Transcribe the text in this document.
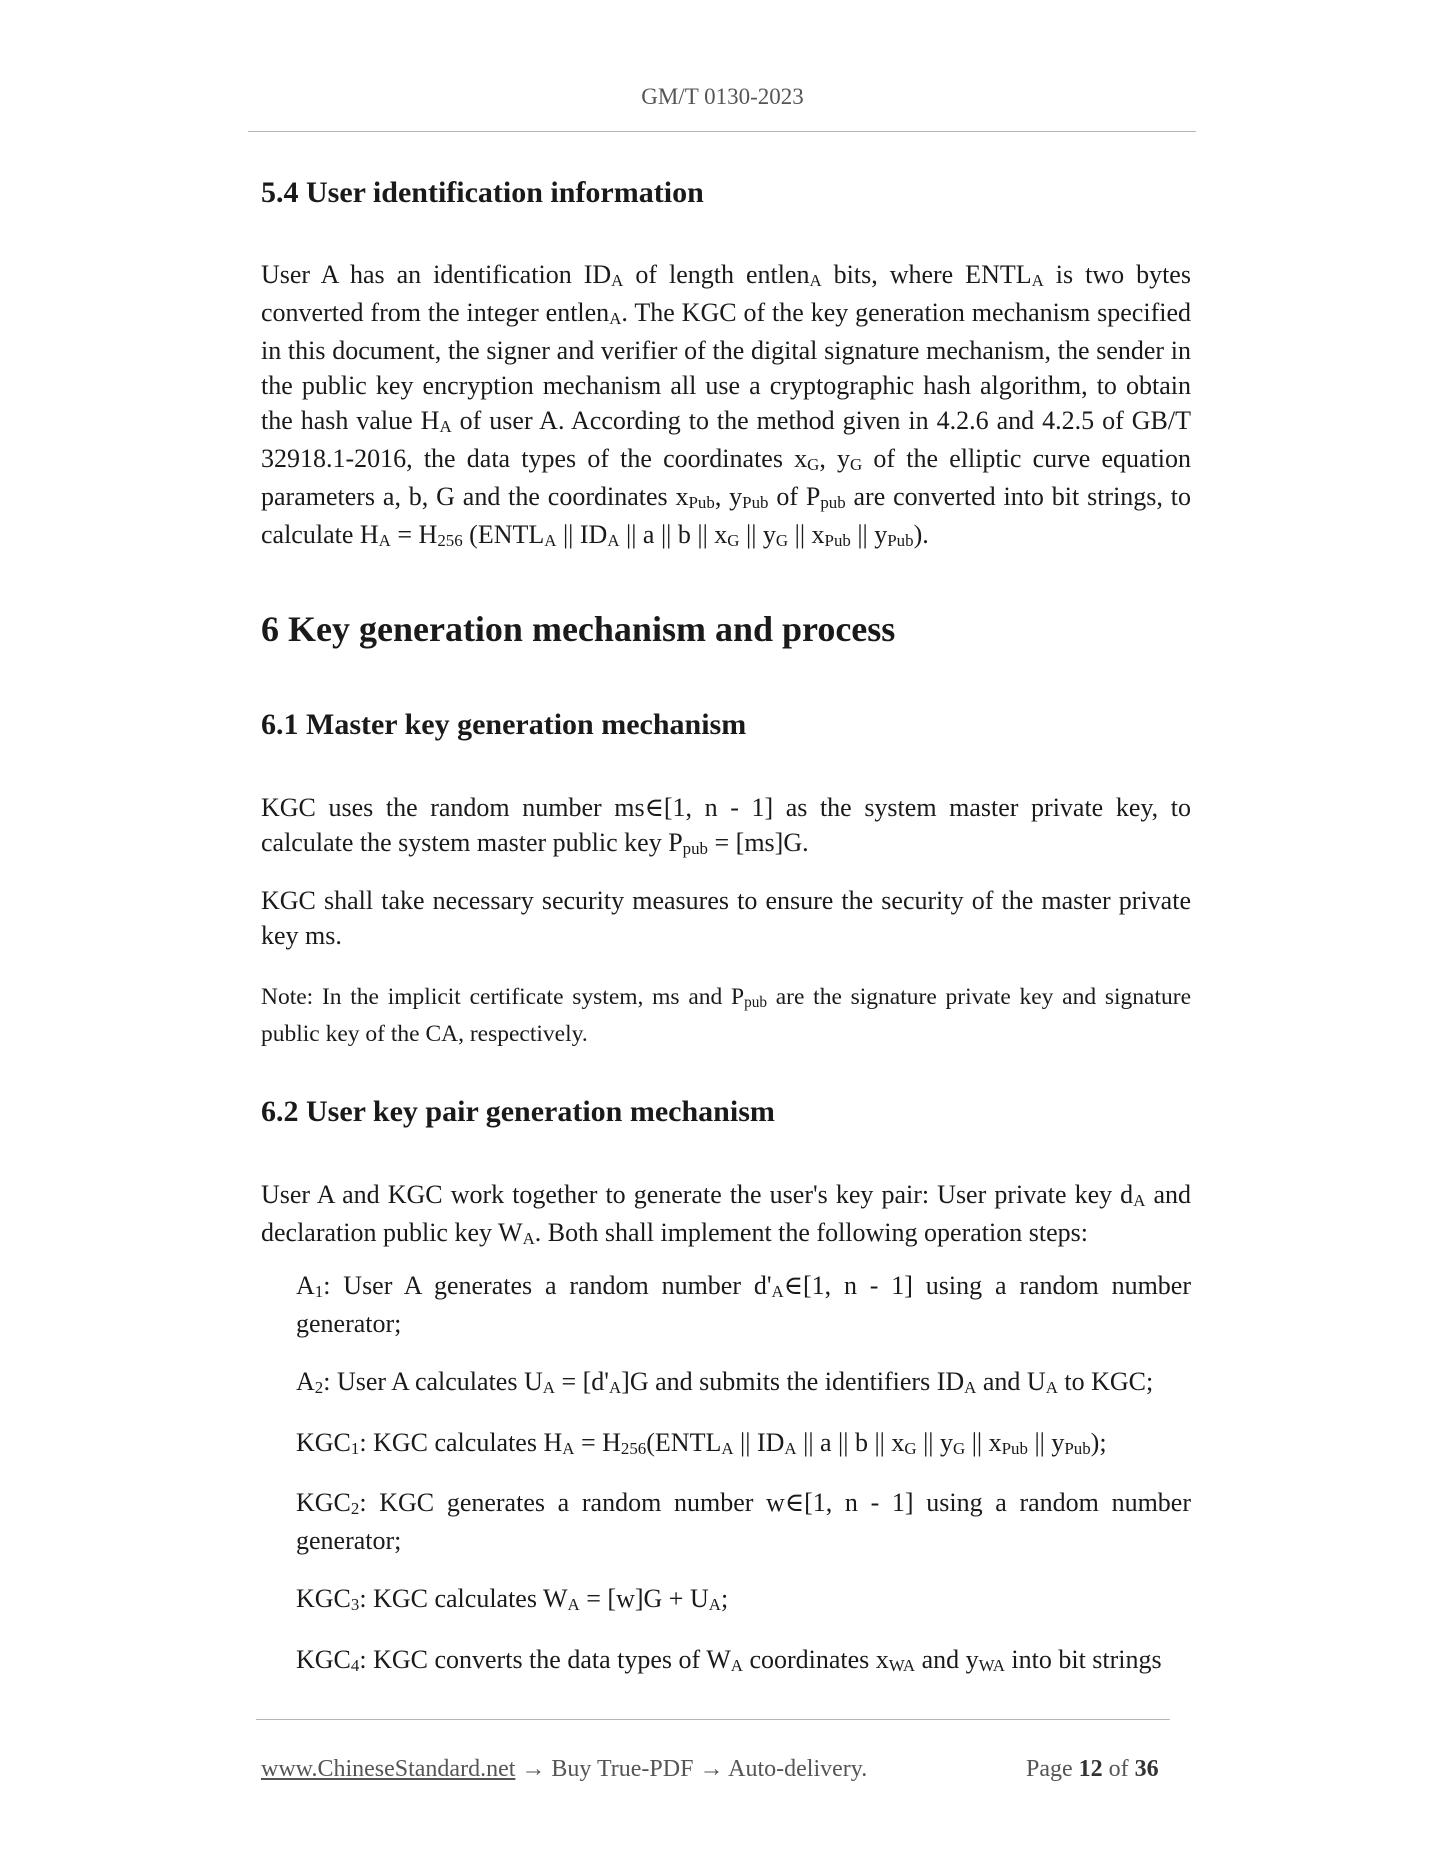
GM/T 0130-2023
5.4 User identification information
User A has an identification $ID_A$ of length entlen$_A$ bits, where $ENTL_A$ is two bytes converted from the integer entlen$_A$. The KGC of the key generation mechanism specified in this document, the signer and verifier of the digital signature mechanism, the sender in the public key encryption mechanism all use a cryptographic hash algorithm, to obtain the hash value $H_A$ of user A. According to the method given in 4.2.6 and 4.2.5 of GB/T 32918.1-2016, the data types of the coordinates $x_G$, $y_G$ of the elliptic curve equation parameters a, b, G and the coordinates $x_{Pub}$, $y_{Pub}$ of $P_{pub}$ are converted into bit strings, to calculate $H_A = H_{256}$ ($ENTL_A$ || $ID_A$ || a || b || $x_G$ || $y_G$ || $x_{Pub}$ || $y_{Pub}$).
6 Key generation mechanism and process
6.1 Master key generation mechanism
KGC uses the random number ms∈[1, n - 1] as the system master private key, to calculate the system master public key $P_{pub} = [ms]G$.
KGC shall take necessary security measures to ensure the security of the master private key ms.
Note: In the implicit certificate system, ms and $P_{pub}$ are the signature private key and signature public key of the CA, respectively.
6.2 User key pair generation mechanism
User A and KGC work together to generate the user's key pair: User private key $d_A$ and declaration public key $W_A$. Both shall implement the following operation steps:
$A_1$: User A generates a random number $d'_A\in[1$, n - 1] using a random number generator;
$A_2$: User A calculates $U_A = [d'_A]G$ and submits the identifiers $ID_A$ and $U_A$ to KGC;
$KGC_1$: KGC calculates $H_A$ = $H_{256}(ENTL_A$ || $ID_A$ || a || b || $x_G$ || $y_G$ || $x_{Pub}$ || $y_{Pub}$);
$KGC_2$: KGC generates a random number w∈[1, n - 1] using a random number generator;
$KGC_3$: KGC calculates $W_A = [w]G + U_A$;
$KGC_4$: KGC converts the data types of $W_A$ coordinates $x_{WA}$ and $y_{WA}$ into bit strings
www.ChineseStandard.net → Buy True-PDF → Auto-delivery.	Page 12 of 36
